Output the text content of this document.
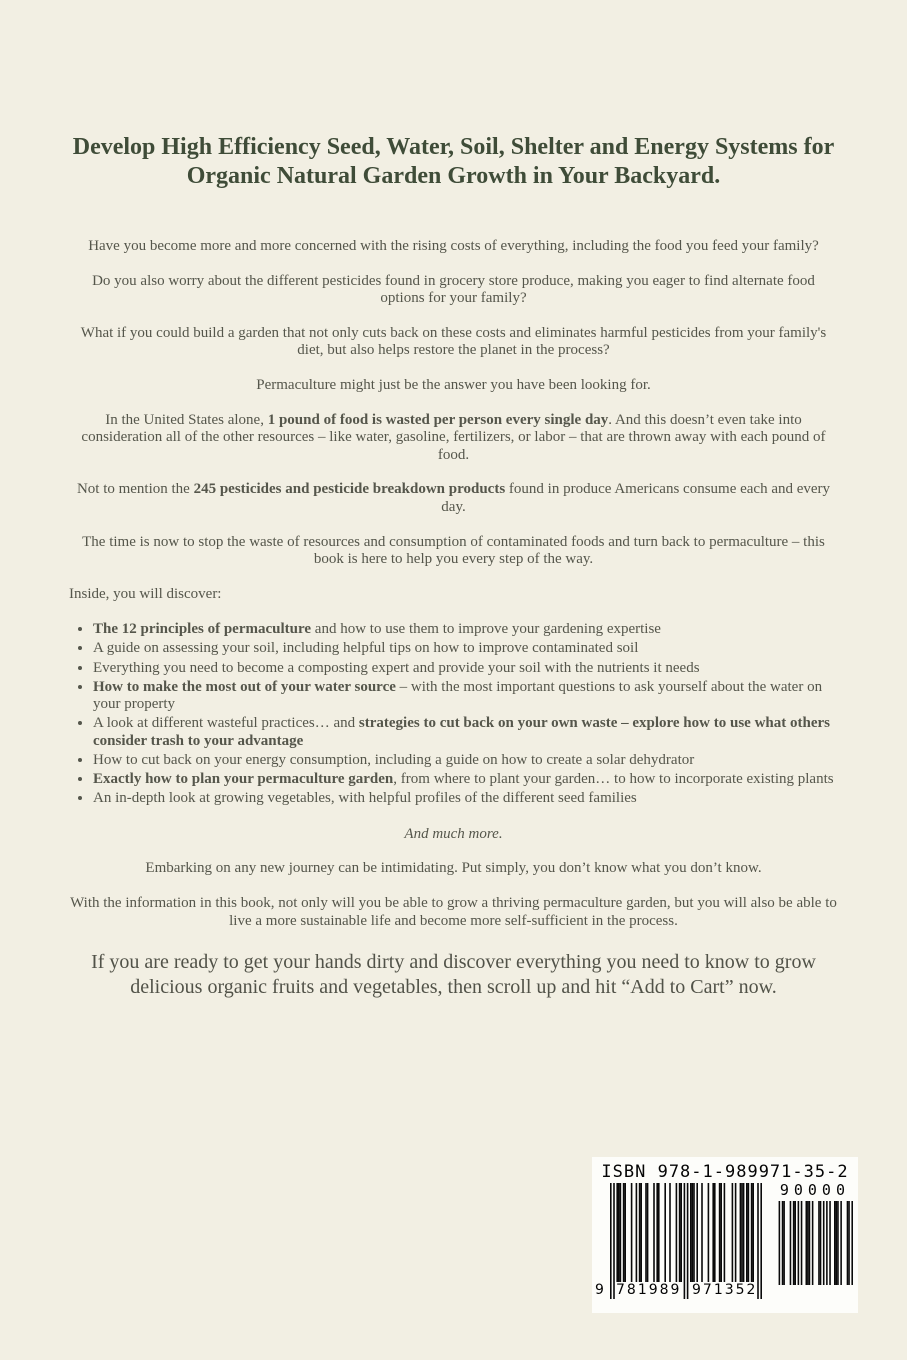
Develop High Efficiency Seed, Water, Soil, Shelter and Energy Systems for Organic Natural Garden Growth in Your Backyard.

Have you become more and more concerned with the rising costs of everything, including the food you feed your family?

Do you also worry about the different pesticides found in grocery store produce, making you eager to find alternate food options for your family?

What if you could build a garden that not only cuts back on these costs and eliminates harmful pesticides from your family's diet, but also helps restore the planet in the process?

Permaculture might just be the answer you have been looking for.

In the United States alone, 1 pound of food is wasted per person every single day. And this doesn’t even take into consideration all of the other resources – like water, gasoline, fertilizers, or labor – that are thrown away with each pound of food.

Not to mention the 245 pesticides and pesticide breakdown products found in produce Americans consume each and every day.

The time is now to stop the waste of resources and consumption of contaminated foods and turn back to permaculture – this book is here to help you every step of the way.

Inside, you will discover:

• The 12 principles of permaculture and how to use them to improve your gardening expertise
• A guide on assessing your soil, including helpful tips on how to improve contaminated soil
• Everything you need to become a composting expert and provide your soil with the nutrients it needs
• How to make the most out of your water source – with the most important questions to ask yourself about the water on your property
• A look at different wasteful practices… and strategies to cut back on your own waste – explore how to use what others consider trash to your advantage
• How to cut back on your energy consumption, including a guide on how to create a solar dehydrator
• Exactly how to plan your permaculture garden, from where to plant your garden… to how to incorporate existing plants
• An in-depth look at growing vegetables, with helpful profiles of the different seed families

And much more.

Embarking on any new journey can be intimidating. Put simply, you don’t know what you don’t know.

With the information in this book, not only will you be able to grow a thriving permaculture garden, but you will also be able to live a more sustainable life and become more self-sufficient in the process.

If you are ready to get your hands dirty and discover everything you need to know to grow delicious organic fruits and vegetables, then scroll up and hit “Add to Cart” now.

ISBN 978-1-989971-35-2
90000
9 781989 971352
